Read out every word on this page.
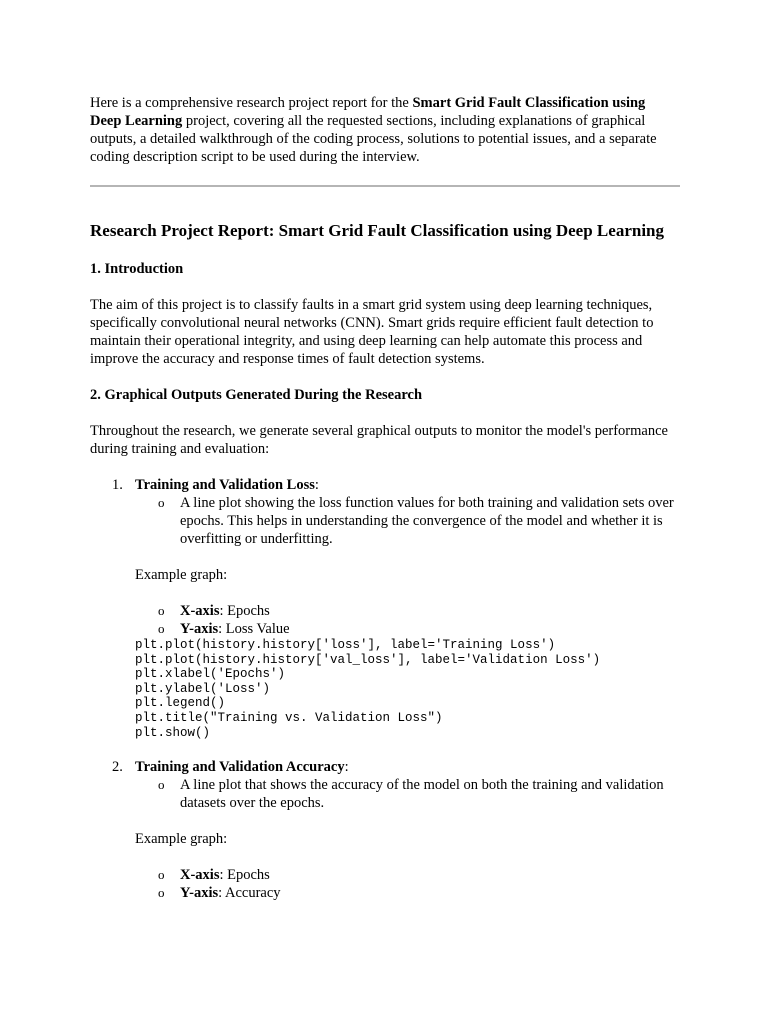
Here is a comprehensive research project report for the Smart Grid Fault Classification using Deep Learning project, covering all the requested sections, including explanations of graphical outputs, a detailed walkthrough of the coding process, solutions to potential issues, and a separate coding description script to be used during the interview.

Research Project Report: Smart Grid Fault Classification using Deep Learning
1. Introduction

The aim of this project is to classify faults in a smart grid system using deep learning techniques, specifically convolutional neural networks (CNN). Smart grids require efficient fault detection to maintain their operational integrity, and using deep learning can help automate this process and improve the accuracy and response times of fault detection systems.

2. Graphical Outputs Generated During the Research

Throughout the research, we generate several graphical outputs to monitor the model's performance during training and evaluation:

1. Training and Validation Loss:

o A line plot showing the loss function values for both training and validation sets over epochs. This helps in understanding the convergence of the model and whether it is overfitting or underfitting.

Example graph:

o X-axis: Epochs
o Y-axis: Loss Value
plt.plot(history.history['loss'], label='Training Loss')
plt.plot(history.history['val_loss'], label='Validation Loss')
plt.xlabel('Epochs')
plt.ylabel('Loss')
plt.legend()
plt.title("Training vs. Validation Loss")
plt.show()
2. Training and Validation Accuracy:

o A line plot that shows the accuracy of the model on both the training and validation datasets over the epochs.

Example graph:

o X-axis: Epochs
o Y-axis: Accuracy
